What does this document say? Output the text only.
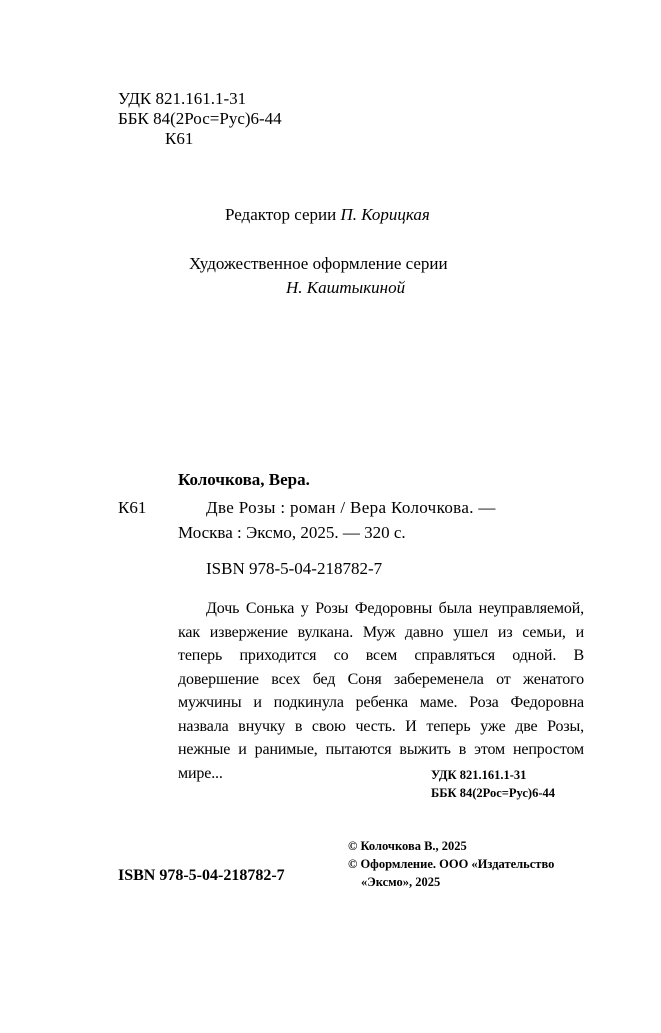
УДК 821.161.1-31
ББК 84(2Рос=Рус)6-44
К61
Редактор серии П. Корицкая
Художественное оформление серии
Н. Каштыкиной
Колочкова, Вера.
К61	Две Розы : роман / Вера Колочкова. —
Москва : Эксмо, 2025. — 320 с.
ISBN 978-5-04-218782-7

Дочь Сонька у Розы Федоровны была неуправляемой, как извержение вулкана. Муж давно ушел из семьи, и теперь приходится со всем справляться одной. В довершение всех бед Соня забеременела от женатого мужчины и подкинула ребенка маме. Роза Федоровна назвала внучку в свою честь. И теперь уже две Розы, нежные и ранимые, пытаются выжить в этом непростом мире...	УДК 821.161.1-31
ББК 84(2Рос=Рус)6-44
ISBN 978-5-04-218782-7
© Колочкова В., 2025
© Оформление. ООО «Издательство
«Эксмо», 2025
